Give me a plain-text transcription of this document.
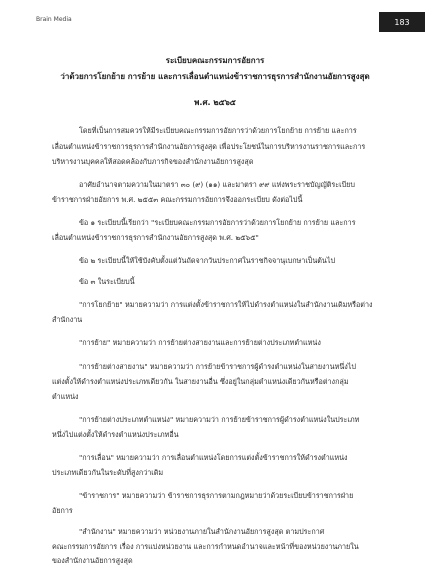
Brain Media	183
ระเบียบคณะกรรมการอัยการ
ว่าด้วยการโยกย้าย การย้าย และการเลื่อนตำแหน่งข้าราชการธุรการสำนักงานอัยการสูงสุด
พ.ศ. ๒๕๖๕
โดยที่เป็นการสมควรให้มีระเบียบคณะกรรมการอัยการว่าด้วยการโยกย้าย การย้าย และการ
เลื่อนตำแหน่งข้าราชการธุรการสำนักงานอัยการสูงสุด เพื่อประโยชน์ในการบริหารงานราชการและการ
บริหารงานบุคคลให้สอดคล้องกับภารกิจของสำนักงานอัยการสูงสุด
อาศัยอำนาจตามความในมาตรา ๓๐ (๙) (๑๑) และมาตรา ๙๙ แห่งพระราชบัญญัติระเบียบ
ข้าราชการฝ่ายอัยการ พ.ศ. ๒๕๕๓ คณะกรรมการอัยการจึงออกระเบียบ ดังต่อไปนี้
ข้อ ๑ ระเบียบนี้เรียกว่า "ระเบียบคณะกรรมการอัยการว่าด้วยการโยกย้าย การย้าย และการ
เลื่อนตำแหน่งข้าราชการธุรการสำนักงานอัยการสูงสุด พ.ศ. ๒๕๖๕"
ข้อ ๒ ระเบียบนี้ให้ใช้บังคับตั้งแต่วันถัดจากวันประกาศในราชกิจจานุเบกษาเป็นต้นไป
ข้อ ๓ ในระเบียบนี้
"การโยกย้าย" หมายความว่า การแต่งตั้งข้าราชการให้ไปดำรงตำแหน่งในสำนักงานเดิมหรือต่าง
สำนักงาน
"การย้าย" หมายความว่า การย้ายต่างสายงานและการย้ายต่างประเภทตำแหน่ง
"การย้ายต่างสายงาน" หมายความว่า การย้ายข้าราชการผู้ดำรงตำแหน่งในสายงานหนึ่งไป
แต่งตั้งให้ดำรงตำแหน่งประเภทเดียวกัน ในสายงานอื่น ซึ่งอยู่ในกลุ่มตำแหน่งเดียวกันหรือต่างกลุ่ม
ตำแหน่ง
"การย้ายต่างประเภทตำแหน่ง" หมายความว่า การย้ายข้าราชการผู้ดำรงตำแหน่งในประเภท
หนึ่งไปแต่งตั้งให้ดำรงตำแหน่งประเภทอื่น
"การเลื่อน" หมายความว่า การเลื่อนตำแหน่งโดยการแต่งตั้งข้าราชการให้ดำรงตำแหน่ง
ประเภทเดียวกันในระดับที่สูงกว่าเดิม
"ข้าราชการ" หมายความว่า ข้าราชการธุรการตามกฎหมายว่าด้วยระเบียบข้าราชการฝ่าย
อัยการ
"สำนักงาน" หมายความว่า หน่วยงานภายในสำนักงานอัยการสูงสุด ตามประกาศ
คณะกรรมการอัยการ เรื่อง การแบ่งหน่วยงาน และการกำหนดอำนาจและหน้าที่ของหน่วยงานภายใน
ของสำนักงานอัยการสูงสุด
